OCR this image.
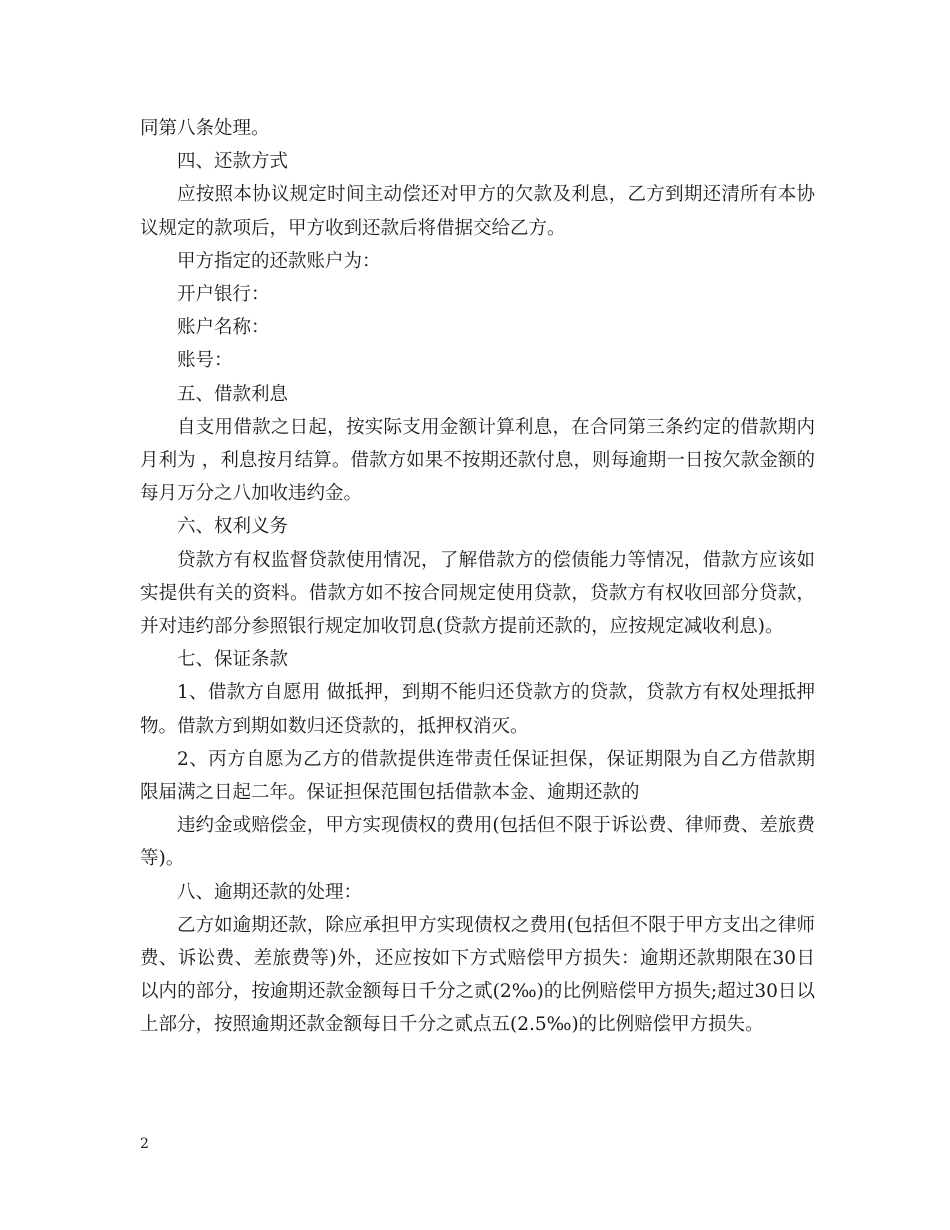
同第八条处理。

四、还款方式

应按照本协议规定时间主动偿还对甲方的欠款及利息，乙方到期还清所有本协议规定的款项后，甲方收到还款后将借据交给乙方。

甲方指定的还款账户为：

开户银行：

账户名称：

账号：

五、借款利息

自支用借款之日起，按实际支用金额计算利息，在合同第三条约定的借款期内月利为 ，利息按月结算。借款方如果不按期还款付息，则每逾期一日按欠款金额的每月万分之八加收违约金。

六、权利义务

贷款方有权监督贷款使用情况，了解借款方的偿债能力等情况，借款方应该如实提供有关的资料。借款方如不按合同规定使用贷款，贷款方有权收回部分贷款，并对违约部分参照银行规定加收罚息(贷款方提前还款的，应按规定减收利息)。

七、保证条款

1、借款方自愿用 做抵押，到期不能归还贷款方的贷款，贷款方有权处理抵押物。借款方到期如数归还贷款的，抵押权消灭。

2、丙方自愿为乙方的借款提供连带责任保证担保，保证期限为自乙方借款期限届满之日起二年。保证担保范围包括借款本金、逾期还款的

违约金或赔偿金，甲方实现债权的费用(包括但不限于诉讼费、律师费、差旅费等)。

八、逾期还款的处理：

乙方如逾期还款，除应承担甲方实现债权之费用(包括但不限于甲方支出之律师费、诉讼费、差旅费等)外，还应按如下方式赔偿甲方损失：逾期还款期限在30日以内的部分，按逾期还款金额每日千分之贰(2‰)的比例赔偿甲方损失;超过30日以上部分，按照逾期还款金额每日千分之贰点五(2.5‰)的比例赔偿甲方损失。

2
